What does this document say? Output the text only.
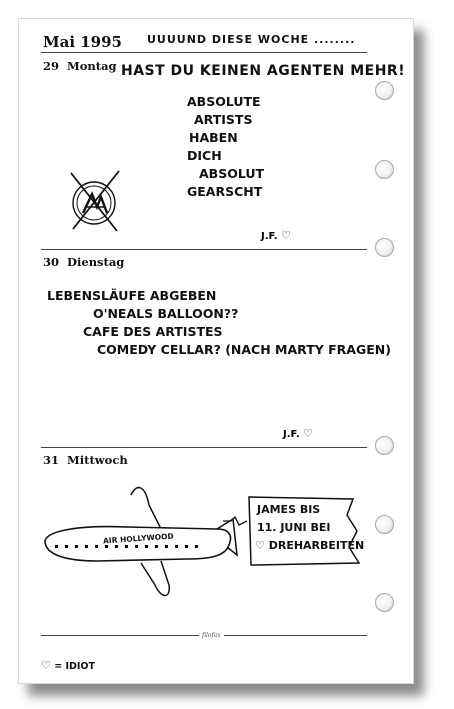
Mai 1995 UUUUND DIESE WOCHE ........
29 Montag HAST DU KEINEN AGENTEN MEHR!
ABSOLUTE
ARTISTS
HABEN
DICH
ABSOLUT
GEARSCHT
J.F. ♡
30 Dienstag
LEBENSLÄUFE ABGEBEN
O'NEALS BALLOON??
CAFE DES ARTISTES
COMEDY CELLAR? (NACH MARTY FRAGEN)
J.F. ♡
31 Mittwoch
AIR HOLLYWOOD
JAMES BIS
11. JUNI BEI
♡ DREHARBEITEN
filofax
♡ = IDIOT
